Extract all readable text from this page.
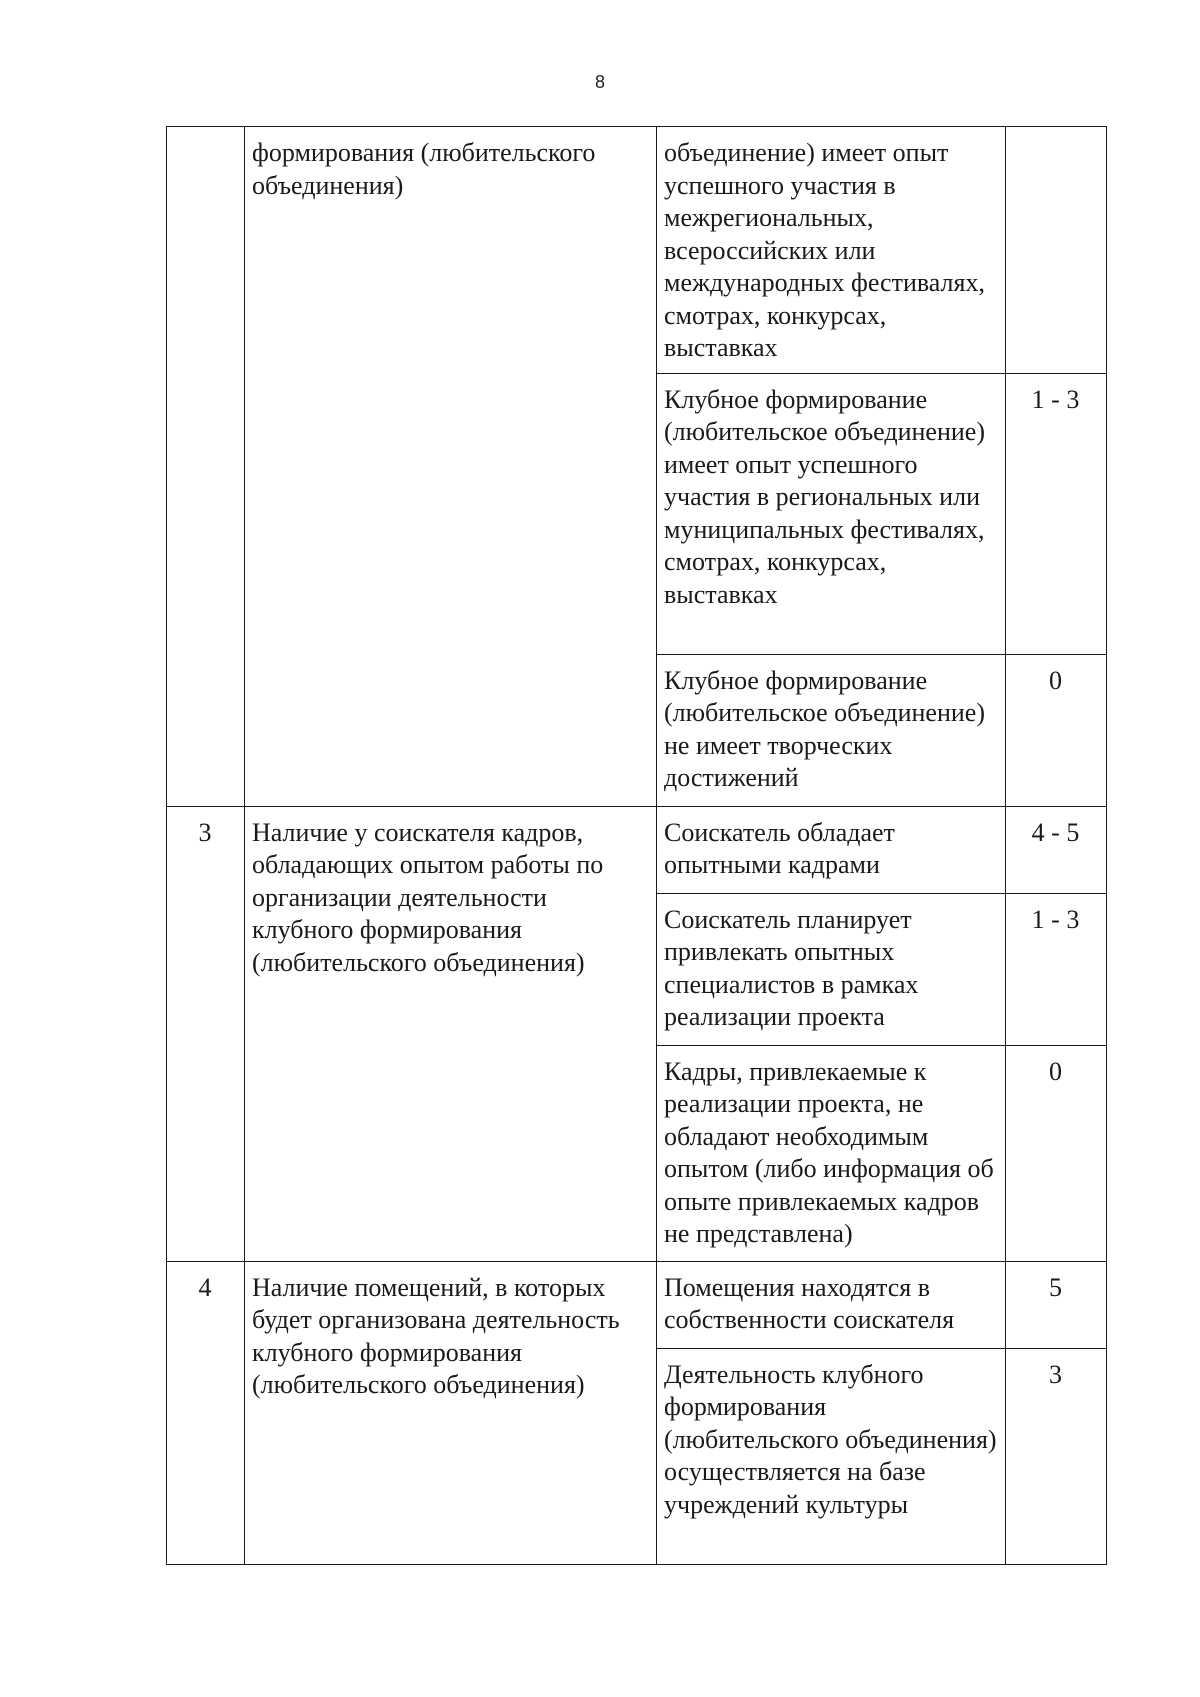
8

	формирования (любительского объединения)	объединение) имеет опыт успешного участия в межрегиональных, всероссийских или международных фестивалях, смотрах, конкурсах, выставках	

		Клубное формирование (любительское объединение) имеет опыт успешного участия в региональных или муниципальных фестивалях, смотрах, конкурсах, выставках	1 - 3

		Клубное формирование (любительское объединение) не имеет творческих достижений	0

3	Наличие у соискателя кадров, обладающих опытом работы по организации деятельности клубного формирования (любительского объединения)	Соискатель обладает опытными кадрами	4 - 5

		Соискатель планирует привлекать опытных специалистов в рамках реализации проекта	1 - 3

		Кадры, привлекаемые к реализации проекта, не обладают необходимым опытом (либо информация об опыте привлекаемых кадров не представлена)	0

4	Наличие помещений, в которых будет организована деятельность клубного формирования (любительского объединения)	Помещения находятся в собственности соискателя	5

		Деятельность клубного формирования (любительского объединения) осуществляется на базе учреждений культуры	3
